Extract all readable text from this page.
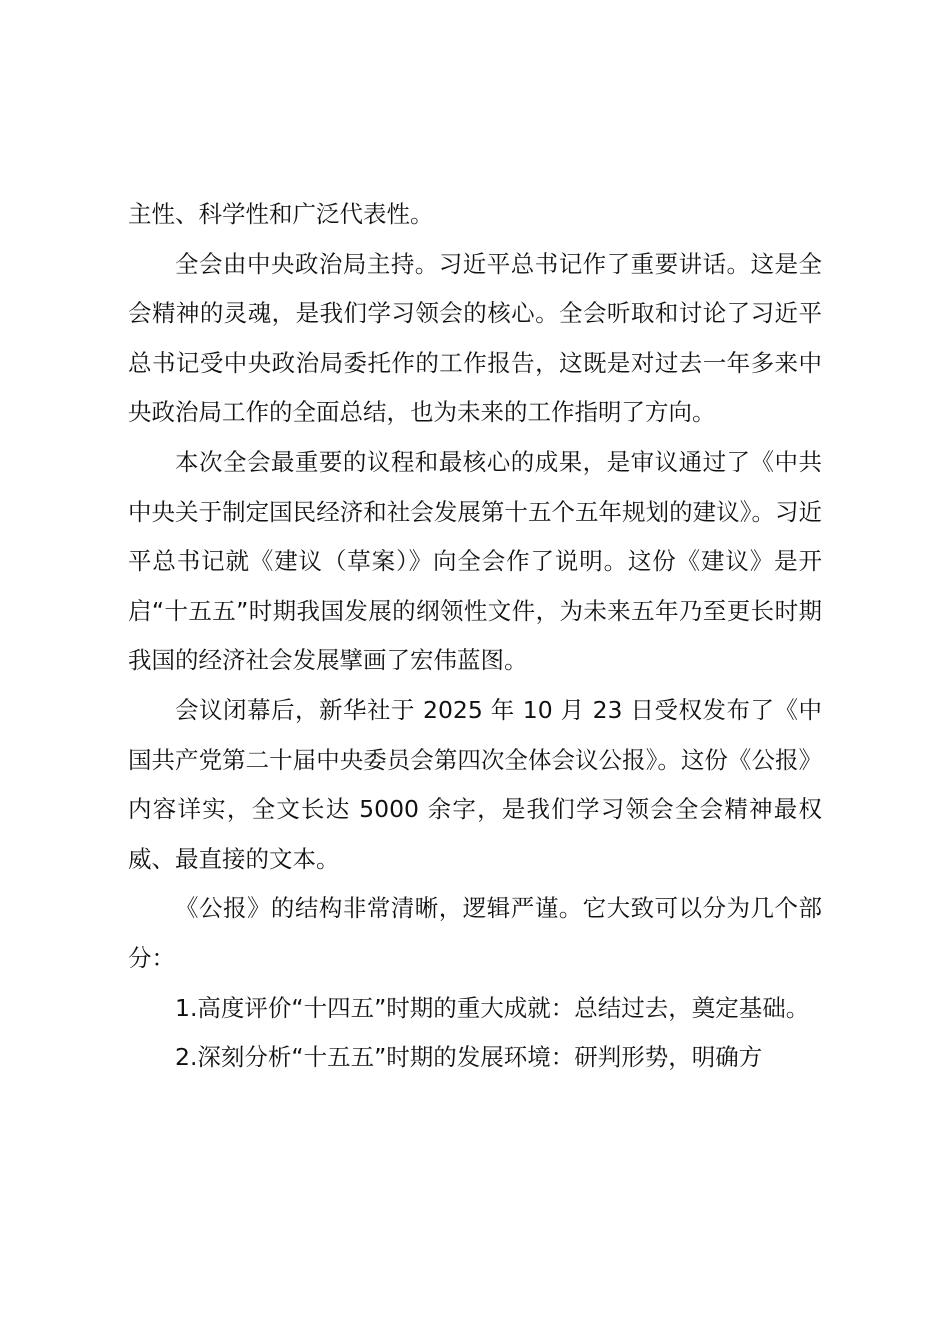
主性、科学性和广泛代表性。

全会由中央政治局主持。习近平总书记作了重要讲话。这是全会精神的灵魂，是我们学习领会的核心。全会听取和讨论了习近平总书记受中央政治局委托作的工作报告，这既是对过去一年多来中央政治局工作的全面总结，也为未来的工作指明了方向。

本次全会最重要的议程和最核心的成果，是审议通过了《中共中央关于制定国民经济和社会发展第十五个五年规划的建议》。习近平总书记就《建议（草案）》向全会作了说明。这份《建议》是开启“十五五”时期我国发展的纲领性文件，为未来五年乃至更长时期我国的经济社会发展擘画了宏伟蓝图。

会议闭幕后，新华社于 2025 年 10 月 23 日受权发布了《中国共产党第二十届中央委员会第四次全体会议公报》。这份《公报》内容详实，全文长达 5000 余字，是我们学习领会全会精神最权威、最直接的文本。

《公报》的结构非常清晰，逻辑严谨。它大致可以分为几个部分：

1.高度评价“十四五”时期的重大成就：总结过去，奠定基础。

2.深刻分析“十五五”时期的发展环境：研判形势，明确方
